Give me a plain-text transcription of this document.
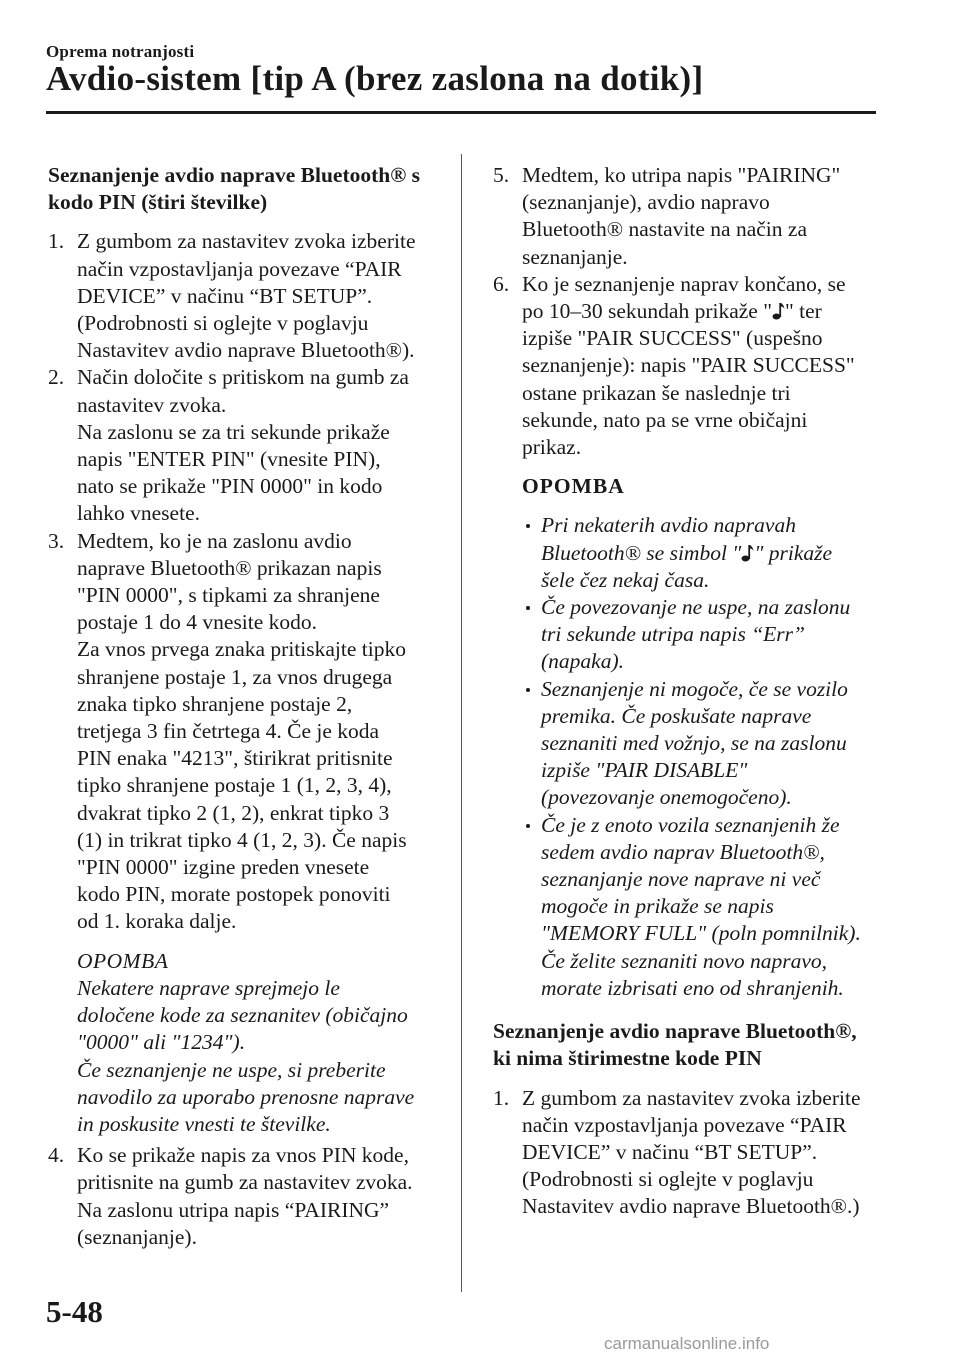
Oprema notranjosti
Avdio-sistem [tip A (brez zaslona na dotik)]
Seznanjenje avdio naprave Bluetooth® s
kodo PIN (štiri številke)
1. Z gumbom za nastavitev zvoka izberite
način vzpostavljanja povezave “PAIR
DEVICE” v načinu “BT SETUP”.
(Podrobnosti si oglejte v poglavju
Nastavitev avdio naprave Bluetooth®).
2. Način določite s pritiskom na gumb za
nastavitev zvoka.
Na zaslonu se za tri sekunde prikaže
napis "ENTER PIN" (vnesite PIN),
nato se prikaže "PIN 0000" in kodo
lahko vnesete.
3. Medtem, ko je na zaslonu avdio
naprave Bluetooth® prikazan napis
"PIN 0000", s tipkami za shranjene
postaje 1 do 4 vnesite kodo.
Za vnos prvega znaka pritiskajte tipko
shranjene postaje 1, za vnos drugega
znaka tipko shranjene postaje 2,
tretjega 3 fin četrtega 4. Če je koda
PIN enaka "4213", štirikrat pritisnite
tipko shranjene postaje 1 (1, 2, 3, 4),
dvakrat tipko 2 (1, 2), enkrat tipko 3
(1) in trikrat tipko 4 (1, 2, 3). Če napis
"PIN 0000" izgine preden vnesete
kodo PIN, morate postopek ponoviti
od 1. koraka dalje.
OPOMBA
Nekatere naprave sprejmejo le
določene kode za seznanitev (običajno
"0000" ali "1234").
Če seznanjenje ne uspe, si preberite
navodilo za uporabo prenosne naprave
in poskusite vnesti te številke.
4. Ko se prikaže napis za vnos PIN kode,
pritisnite na gumb za nastavitev zvoka.
Na zaslonu utripa napis “PAIRING”
(seznanjanje).
5. Medtem, ko utripa napis "PAIRING"
(seznanjanje), avdio napravo
Bluetooth® nastavite na način za
seznanjanje.
6. Ko je seznanjenje naprav končano, se
po 10–30 sekundah prikaže " " ter
izpiše "PAIR SUCCESS" (uspešno
seznanjenje): napis "PAIR SUCCESS"
ostane prikazan še naslednje tri
sekunde, nato pa se vrne običajni
prikaz.
OPOMBA
Pri nekaterih avdio napravah
Bluetooth® se simbol " " prikaže
šele čez nekaj časa.
Če povezovanje ne uspe, na zaslonu
tri sekunde utripa napis “Err”
(napaka).
Seznanjenje ni mogoče, če se vozilo
premika. Če poskušate naprave
seznaniti med vožnjo, se na zaslonu
izpiše "PAIR DISABLE"
(povezovanje onemogočeno).
Če je z enoto vozila seznanjenih že
sedem avdio naprav Bluetooth®,
seznanjanje nove naprave ni več
mogoče in prikaže se napis
"MEMORY FULL" (poln pomnilnik).
Če želite seznaniti novo napravo,
morate izbrisati eno od shranjenih.
Seznanjenje avdio naprave Bluetooth®,
ki nima štirimestne kode PIN
1. Z gumbom za nastavitev zvoka izberite
način vzpostavljanja povezave “PAIR
DEVICE” v načinu “BT SETUP”.
(Podrobnosti si oglejte v poglavju
Nastavitev avdio naprave Bluetooth®.)
5-48
carmanualsonline.info
